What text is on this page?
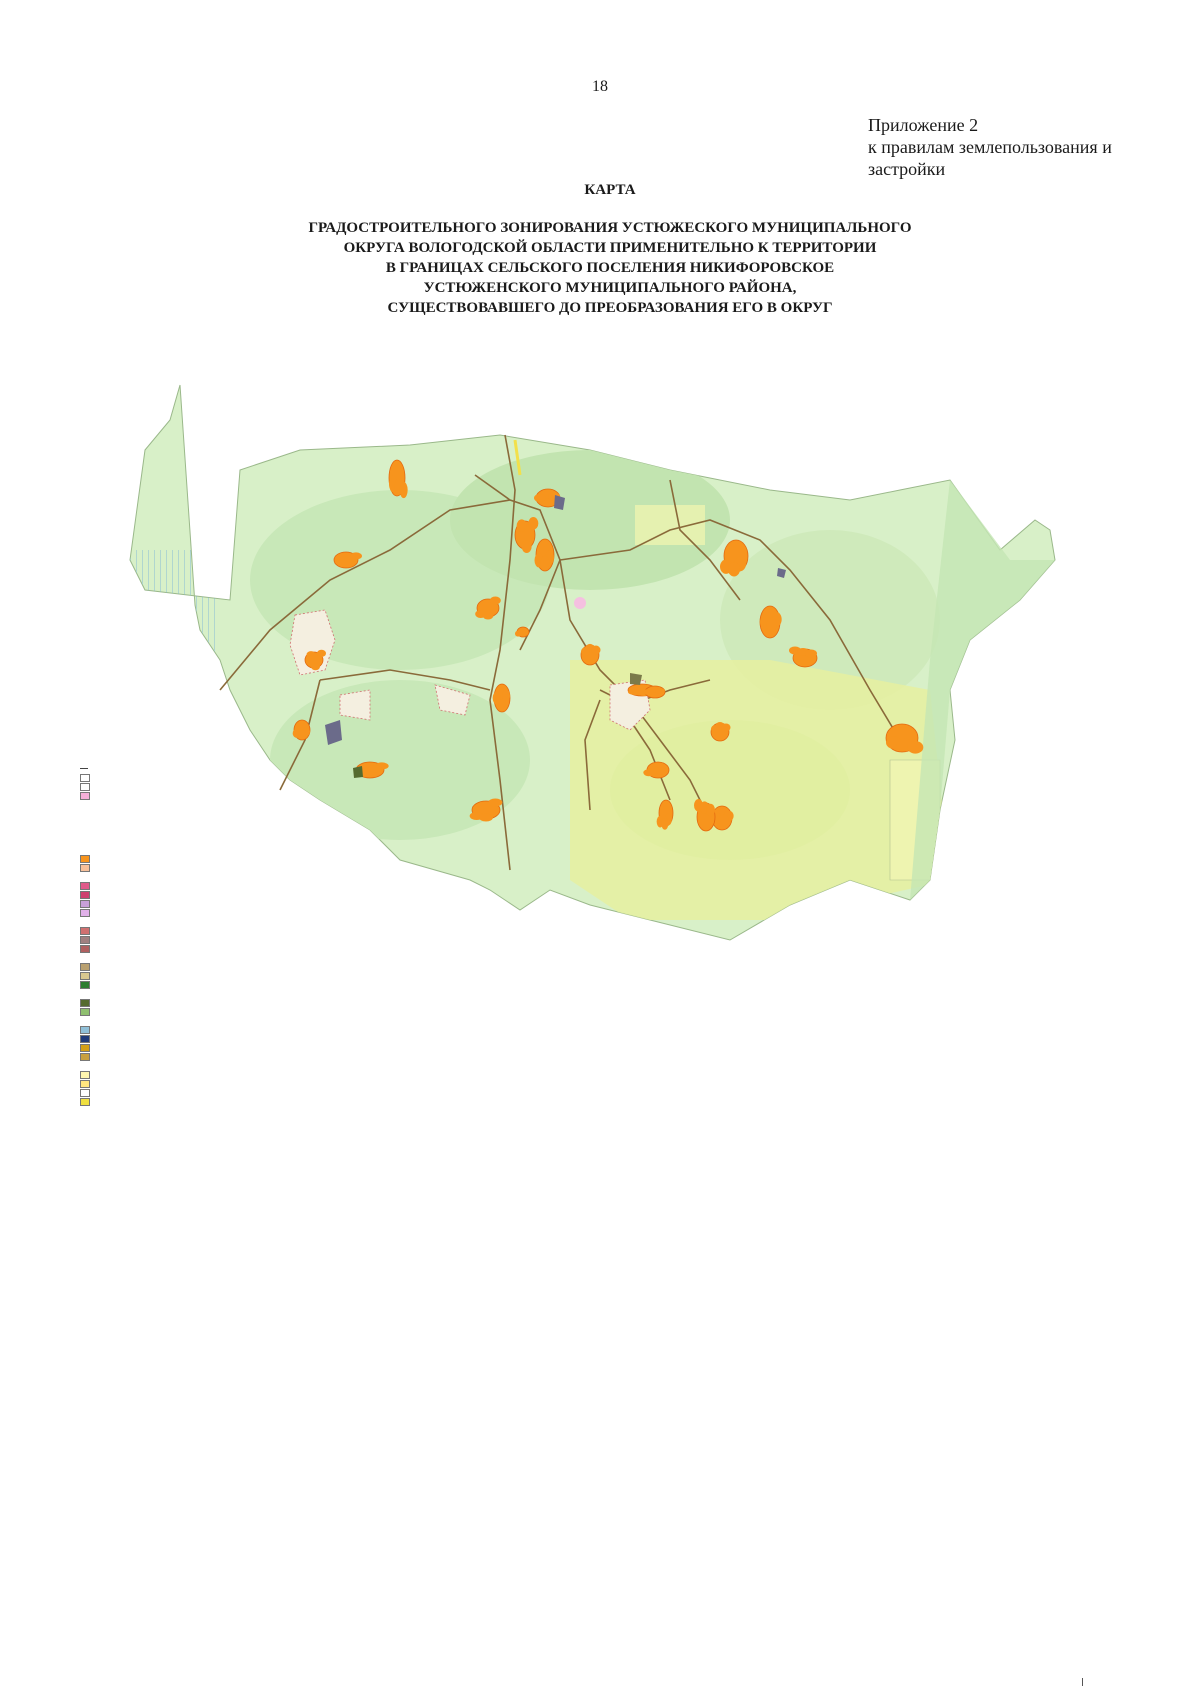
18
Приложение 2
к правилам землепользования и
застройки
КАРТА
ГРАДОСТРОИТЕЛЬНОГО ЗОНИРОВАНИЯ УСТЮЖЕСКОГО МУНИЦИПАЛЬНОГО
ОКРУГА ВОЛОГОДСКОЙ ОБЛАСТИ ПРИМЕНИТЕЛЬНО К ТЕРРИТОРИИ
В ГРАНИЦАХ СЕЛЬСКОГО ПОСЕЛЕНИЯ НИКИФОРОВСКОЕ
УСТЮЖЕНСКОГО МУНИЦИПАЛЬНОГО РАЙОНА,
СУЩЕСТВОВАВШЕГО ДО ПРЕОБРАЗОВАНИЯ ЕГО В ОКРУГ
